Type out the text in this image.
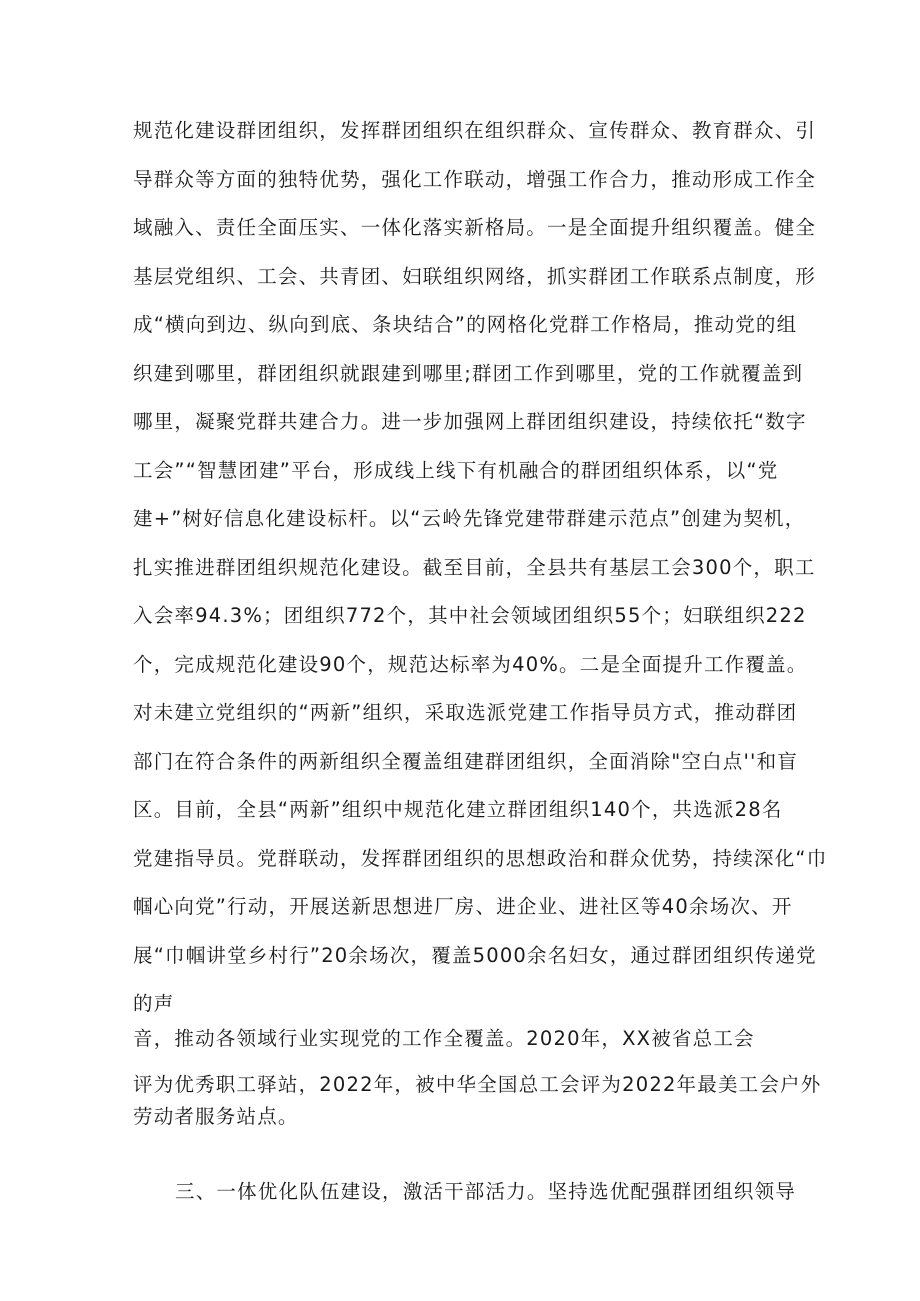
规范化建设群团组织，发挥群团组织在组织群众、宣传群众、教育群众、引
导群众等方面的独特优势，强化工作联动，增强工作合力，推动形成工作全
域融入、责任全面压实、一体化落实新格局。一是全面提升组织覆盖。健全
基层党组织、工会、共青团、妇联组织网络，抓实群团工作联系点制度，形
成“横向到边、纵向到底、条块结合”的网格化党群工作格局，推动党的组
织建到哪里，群团组织就跟建到哪里;群团工作到哪里，党的工作就覆盖到
哪里，凝聚党群共建合力。进一步加强网上群团组织建设，持续依托“数字
工会”“智慧团建”平台，形成线上线下有机融合的群团组织体系，以“党
建+”树好信息化建设标杆。以“云岭先锋党建带群建示范点”创建为契机，
扎实推进群团组织规范化建设。截至目前，全县共有基层工会300个，职工
入会率94.3%；团组织772个，其中社会领域团组织55个；妇联组织222
个，完成规范化建设90个，规范达标率为40%。二是全面提升工作覆盖。
对未建立党组织的“两新”组织，采取选派党建工作指导员方式，推动群团
部门在符合条件的两新组织全覆盖组建群团组织，全面消除"空白点''和盲
区。目前，全县“两新”组织中规范化建立群团组织140个，共选派28名
党建指导员。党群联动，发挥群团组织的思想政治和群众优势，持续深化“巾
帼心向党”行动，开展送新思想进厂房、进企业、进社区等40余场次、开
展“巾帼讲堂乡村行”20余场次，覆盖5000余名妇女，通过群团组织传递党
的声
音，推动各领域行业实现党的工作全覆盖。2020年，XX被省总工会
评为优秀职工驿站，2022年，被中华全国总工会评为2022年最美工会户外
劳动者服务站点。
三、一体优化队伍建设，激活干部活力。坚持选优配强群团组织领导
